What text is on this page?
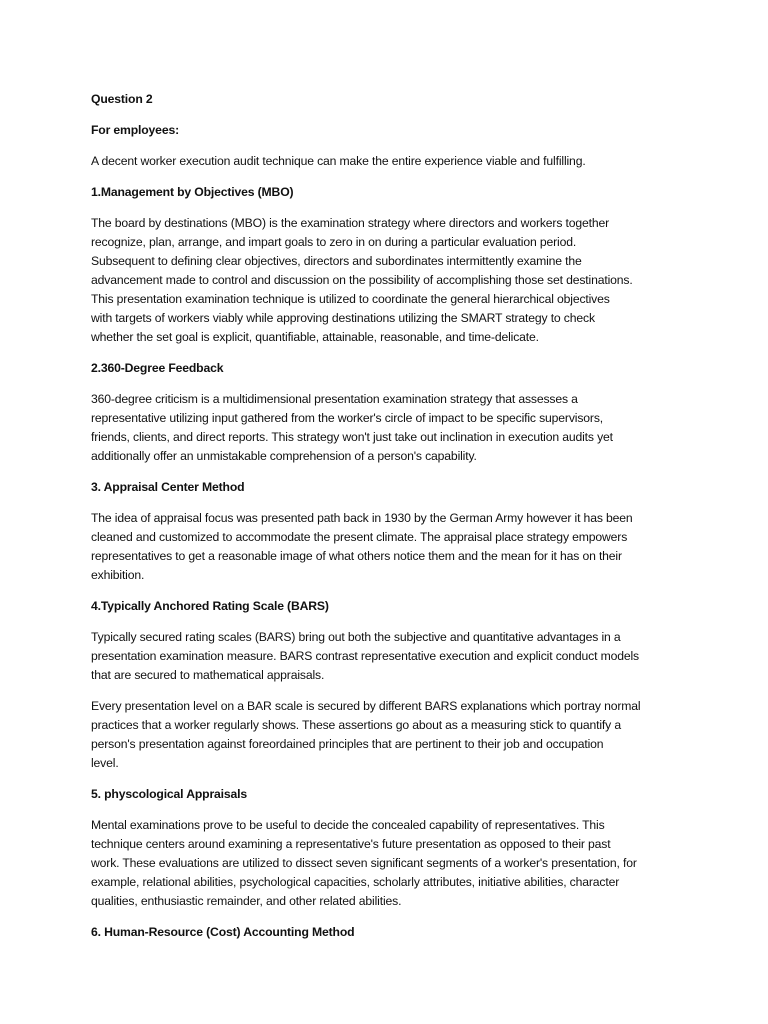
Question 2

For employees:

A decent worker execution audit technique can make the entire experience viable and fulfilling.

1.Management by Objectives (MBO)

The board by destinations (MBO) is the examination strategy where directors and workers together
recognize, plan, arrange, and impart goals to zero in on during a particular evaluation period.
Subsequent to defining clear objectives, directors and subordinates intermittently examine the
advancement made to control and discussion on the possibility of accomplishing those set destinations.
This presentation examination technique is utilized to coordinate the general hierarchical objectives
with targets of workers viably while approving destinations utilizing the SMART strategy to check
whether the set goal is explicit, quantifiable, attainable, reasonable, and time-delicate.

2.360-Degree Feedback

360-degree criticism is a multidimensional presentation examination strategy that assesses a
representative utilizing input gathered from the worker's circle of impact to be specific supervisors,
friends, clients, and direct reports. This strategy won't just take out inclination in execution audits yet
additionally offer an unmistakable comprehension of a person's capability.

3. Appraisal Center Method

The idea of appraisal focus was presented path back in 1930 by the German Army however it has been
cleaned and customized to accommodate the present climate. The appraisal place strategy empowers
representatives to get a reasonable image of what others notice them and the mean for it has on their
exhibition.

4.Typically Anchored Rating Scale (BARS)

Typically secured rating scales (BARS) bring out both the subjective and quantitative advantages in a
presentation examination measure. BARS contrast representative execution and explicit conduct models
that are secured to mathematical appraisals.

Every presentation level on a BAR scale is secured by different BARS explanations which portray normal
practices that a worker regularly shows. These assertions go about as a measuring stick to quantify a
person's presentation against foreordained principles that are pertinent to their job and occupation
level.

5. physcological Appraisals

Mental examinations prove to be useful to decide the concealed capability of representatives. This
technique centers around examining a representative's future presentation as opposed to their past
work. These evaluations are utilized to dissect seven significant segments of a worker's presentation, for
example, relational abilities, psychological capacities, scholarly attributes, initiative abilities, character
qualities, enthusiastic remainder, and other related abilities.

6. Human-Resource (Cost) Accounting Method
